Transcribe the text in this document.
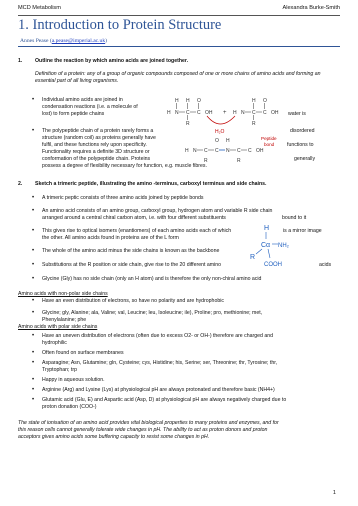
MCD Metabolism	Alexandra Burke-Smith
1. Introduction to Protein Structure
Annes Pease (a.pease@imperial.ac.uk)
1. Outline the reaction by which amino acids are joined together.
Definition of a protein: any of a group of organic compounds composed of one or more chains of amino acids and forming an essential part of all living organisms.
• Individual amino acids are joined in
condensation reactions (i.e. a molecule of
lost) to form peptide chains	water is
• The polypeptide chain of a protein rarely forms a
structure (random coil) as proteins generally have
fulfil, and these functions rely upon specificity.
Functionality requires a definite 3D structure or
conformation of the polypeptide chain. Proteins
possess a degree of flexibility necessary for function, e.g. muscle fibres.
disordered
functions to
generally
H N C C OH
H
R
O
H
+ H N C C OH
H
R
O
H₂O
H N C C N C C OH
R	R
O H	Peptide
bond
2. Sketch a trimeric peptide, illustrating the amino -terminus, carboxyl terminus and side chains.
• A trimeric peptic consists of three amino acids joined by peptide bonds
• An amino acid consists of an amino group, carboxyl group, hydrogen atom and variable R side chain
arranged around a central chiral carbon atom, i.e. with four different substituents	bound to it
• This gives rise to optical isomers (enantiomers) of each amino acids each of which	is a mirror image
the other. All amino acids found in proteins are of the L form
• The whole of the amino acid minus the side chains is known as the backbone
• Substitutions at the R position or side chain, give rise to the 20 different amino	acids
• Glycine (Gly) has no side chain (only an H atom) and is therefore the only non-chiral amino acid
H
Cα NH₂
R
COOH
Amino acids with non-polar side chains
• Have an even distribution of electrons, so have no polarity and are hydrophobic
• Glycine; gly, Alanine; ala, Valine; val, Leucine; leu, Isoleucine; ile), Proline; pro, methionine; met,
Phenylalanine; phe
Amino acids with polar side chains
• Have an uneven distribution of electrons (often due to excess O2- or OH-) therefore are charged and
hydrophilic
• Often found on surface membranes
• Asparagine; Asn, Glutamine; gln, Cysteine; cys, Histidine; his, Serine; ser, Threonine; thr, Tyrosine; thr,
Tryptophan; trp
• Happy in aqueous solution.
• Arginine (Arg) and Lysine (Lys) at physiological pH are always protonated and therefore basic (NH4+)
• Glutamic acid (Glu, E) and Aspartic acid (Asp, D) at physiological pH are always negatively charged due to
proton donation (COO-)
The state of ionisation of an amino acid provides vital biological properties to many proteins and enzymes, and for
this reason cells cannot generally tolerate wide changes in pH. The ability to act as proton donors and proton
acceptors gives amino acids some buffering capacity to resist some changes in pH.
1
